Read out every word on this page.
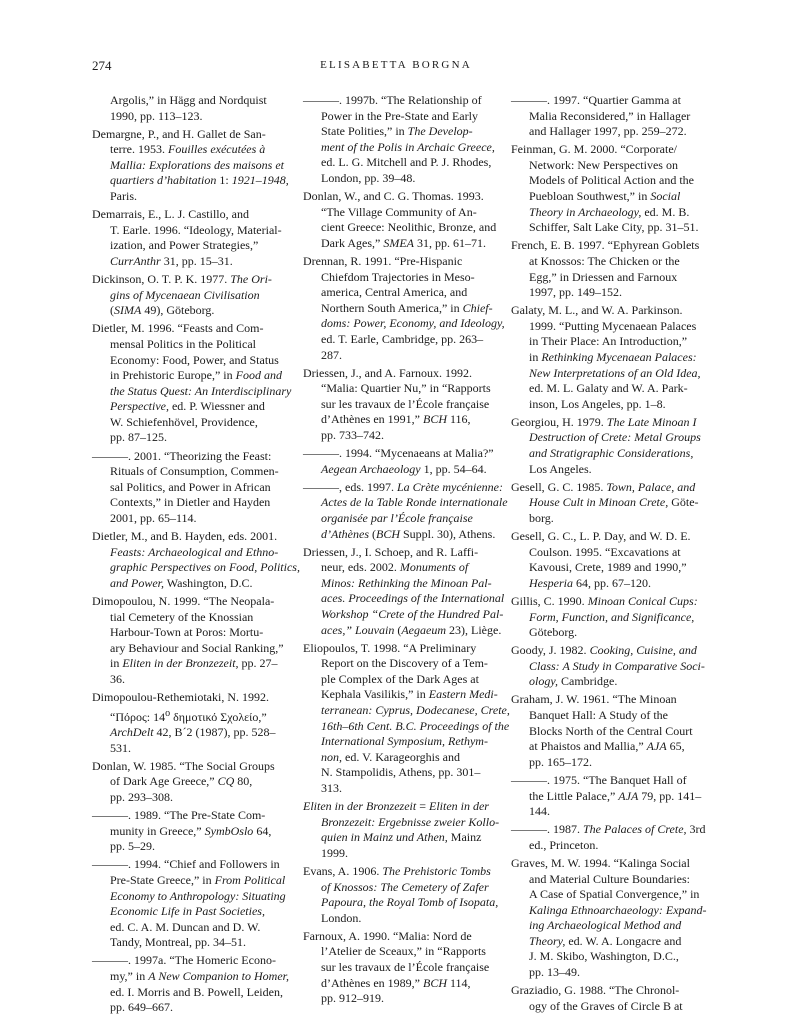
274	ELISABETTA BORGNA
Argolis,” in Hägg and Nordquist
1990, pp. 113–123.
Demargne, P., and H. Gallet de San-
terre. 1953. Fouilles exécutées à
Mallia: Explorations des maisons et
quartiers d’habitation 1: 1921–1948,
Paris.
Demarrais, E., L. J. Castillo, and
T. Earle. 1996. “Ideology, Material-
ization, and Power Strategies,”
CurrAnthr 31, pp. 15–31.
Dickinson, O. T. P. K. 1977. The Ori-
gins of Mycenaean Civilisation
(SIMA 49), Göteborg.
Dietler, M. 1996. “Feasts and Com-
mensal Politics in the Political
Economy: Food, Power, and Status
in Prehistoric Europe,” in Food and
the Status Quest: An Interdisciplinary
Perspective, ed. P. Wiessner and
W. Schiefenhövel, Providence,
pp. 87–125.
———. 2001. “Theorizing the Feast:
Rituals of Consumption, Commen-
sal Politics, and Power in African
Contexts,” in Dietler and Hayden
2001, pp. 65–114.
Dietler, M., and B. Hayden, eds. 2001.
Feasts: Archaeological and Ethno-
graphic Perspectives on Food, Politics,
and Power, Washington, D.C.
Dimopoulou, N. 1999. “The Neopala-
tial Cemetery of the Knossian
Harbour-Town at Poros: Mortu-
ary Behaviour and Social Ranking,”
in Eliten in der Bronzezeit, pp. 27–
36.
Dimopoulou-Rethemiotaki, N. 1992.
“Πόρος: $14^o$ δημοτικό Σχολείο,”
ArchDelt 42, B´2 (1987), pp. 528–
531.
Donlan, W. 1985. “The Social Groups
of Dark Age Greece,” CQ 80,
pp. 293–308.
———. 1989. “The Pre-State Com-
munity in Greece,” SymbOslo 64,
pp. 5–29.
———. 1994. “Chief and Followers in
Pre-State Greece,” in From Political
Economy to Anthropology: Situating
Economic Life in Past Societies,
ed. C. A. M. Duncan and D. W.
Tandy, Montreal, pp. 34–51.
———. 1997a. “The Homeric Econo-
my,” in A New Companion to Homer,
ed. I. Morris and B. Powell, Leiden,
pp. 649–667.
———. 1997b. “The Relationship of
Power in the Pre-State and Early
State Polities,” in The Develop-
ment of the Polis in Archaic Greece,
ed. L. G. Mitchell and P. J. Rhodes,
London, pp. 39–48.
Donlan, W., and C. G. Thomas. 1993.
“The Village Community of An-
cient Greece: Neolithic, Bronze, and
Dark Ages,” SMEA 31, pp. 61–71.
Drennan, R. 1991. “Pre-Hispanic
Chiefdom Trajectories in Meso-
america, Central America, and
Northern South America,” in Chief-
doms: Power, Economy, and Ideology,
ed. T. Earle, Cambridge, pp. 263–
287.
Driessen, J., and A. Farnoux. 1992.
“Malia: Quartier Nu,” in “Rapports
sur les travaux de l’École française
d’Athènes en 1991,” BCH 116,
pp. 733–742.
———. 1994. “Mycenaeans at Malia?”
Aegean Archaeology 1, pp. 54–64.
———, eds. 1997. La Crète mycénienne:
Actes de la Table Ronde internationale
organisée par l’École française
d’Athènes (BCH Suppl. 30), Athens.
Driessen, J., I. Schoep, and R. Laffi-
neur, eds. 2002. Monuments of
Minos: Rethinking the Minoan Pal-
aces. Proceedings of the International
Workshop “Crete of the Hundred Pal-
aces,” Louvain (Aegaeum 23), Liège.
Eliopoulos, T. 1998. “A Preliminary
Report on the Discovery of a Tem-
ple Complex of the Dark Ages at
Kephala Vasilikis,” in Eastern Medi-
terranean: Cyprus, Dodecanese, Crete,
16th–6th Cent. B.C. Proceedings of the
International Symposium, Rethym-
non, ed. V. Karageorghis and
N. Stampolidis, Athens, pp. 301–
313.
Eliten in der Bronzezeit = Eliten in der
Bronzezeit: Ergebnisse zweier Kollo-
quien in Mainz und Athen, Mainz
1999.
Evans, A. 1906. The Prehistoric Tombs
of Knossos: The Cemetery of Zafer
Papoura, the Royal Tomb of Isopata,
London.
Farnoux, A. 1990. “Malia: Nord de
l’Atelier de Sceaux,” in “Rapports
sur les travaux de l’École française
d’Athènes en 1989,” BCH 114,
pp. 912–919.
———. 1997. “Quartier Gamma at
Malia Reconsidered,” in Hallager
and Hallager 1997, pp. 259–272.
Feinman, G. M. 2000. “Corporate/
Network: New Perspectives on
Models of Political Action and the
Puebloan Southwest,” in Social
Theory in Archaeology, ed. M. B.
Schiffer, Salt Lake City, pp. 31–51.
French, E. B. 1997. “Ephyrean Goblets
at Knossos: The Chicken or the
Egg,” in Driessen and Farnoux
1997, pp. 149–152.
Galaty, M. L., and W. A. Parkinson.
1999. “Putting Mycenaean Palaces
in Their Place: An Introduction,”
in Rethinking Mycenaean Palaces:
New Interpretations of an Old Idea,
ed. M. L. Galaty and W. A. Park-
inson, Los Angeles, pp. 1–8.
Georgiou, H. 1979. The Late Minoan I
Destruction of Crete: Metal Groups
and Stratigraphic Considerations,
Los Angeles.
Gesell, G. C. 1985. Town, Palace, and
House Cult in Minoan Crete, Göte-
borg.
Gesell, G. C., L. P. Day, and W. D. E.
Coulson. 1995. “Excavations at
Kavousi, Crete, 1989 and 1990,”
Hesperia 64, pp. 67–120.
Gillis, C. 1990. Minoan Conical Cups:
Form, Function, and Significance,
Göteborg.
Goody, J. 1982. Cooking, Cuisine, and
Class: A Study in Comparative Soci-
ology, Cambridge.
Graham, J. W. 1961. “The Minoan
Banquet Hall: A Study of the
Blocks North of the Central Court
at Phaistos and Mallia,” AJA 65,
pp. 165–172.
———. 1975. “The Banquet Hall of
the Little Palace,” AJA 79, pp. 141–
144.
———. 1987. The Palaces of Crete, 3rd
ed., Princeton.
Graves, M. W. 1994. “Kalinga Social
and Material Culture Boundaries:
A Case of Spatial Convergence,” in
Kalinga Ethnoarchaeology: Expand-
ing Archaeological Method and
Theory, ed. W. A. Longacre and
J. M. Skibo, Washington, D.C.,
pp. 13–49.
Graziadio, G. 1988. “The Chronol-
ogy of the Graves of Circle B at
